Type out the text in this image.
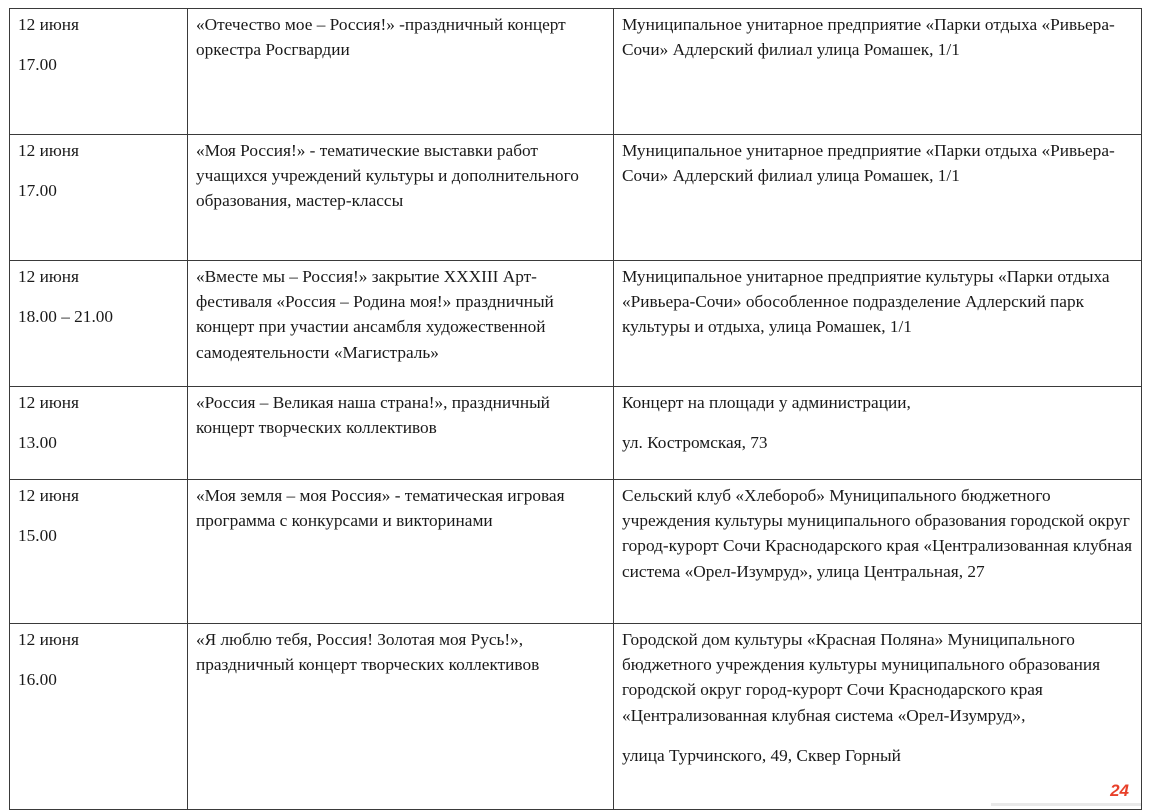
12 июня
17.00	«Отечество мое – Россия!» -праздничный концерт оркестра Росгвардии	Муниципальное унитарное предприятие «Парки отдыха «Ривьера-Сочи» Адлерский филиал улица Ромашек, 1/1

12 июня
17.00	«Моя Россия!» - тематические выставки работ учащихся учреждений культуры и дополнительного образования, мастер-классы	Муниципальное унитарное предприятие «Парки отдыха «Ривьера-Сочи» Адлерский филиал улица Ромашек, 1/1

12 июня
18.00 – 21.00	«Вместе мы – Россия!» закрытие XXXIII Арт-фестиваля «Россия – Родина моя!» праздничный концерт при участии ансамбля художественной самодеятельности «Магистраль»	Муниципальное унитарное предприятие культуры «Парки отдыха «Ривьера-Сочи» обособленное подразделение Адлерский парк культуры и отдыха, улица Ромашек, 1/1

12 июня
13.00	«Россия – Великая наша страна!», праздничный концерт творческих коллективов	Концерт на площади у администрации,
ул. Костромская, 73

12 июня
15.00	«Моя земля – моя Россия» - тематическая игровая программа с конкурсами и викторинами	Сельский клуб «Хлебороб» Муниципального бюджетного учреждения культуры муниципального образования городской округ город-курорт Сочи Краснодарского края «Централизованная клубная система «Орел-Изумруд», улица Центральная, 27

12 июня
16.00	«Я люблю тебя, Россия! Золотая моя Русь!», праздничный концерт творческих коллективов	Городской дом культуры «Красная Поляна» Муниципального бюджетного учреждения культуры муниципального образования городской округ город-курорт Сочи Краснодарского края «Централизованная клубная система «Орел-Изумруд»,
улица Турчинского, 49, Сквер Горный
24
